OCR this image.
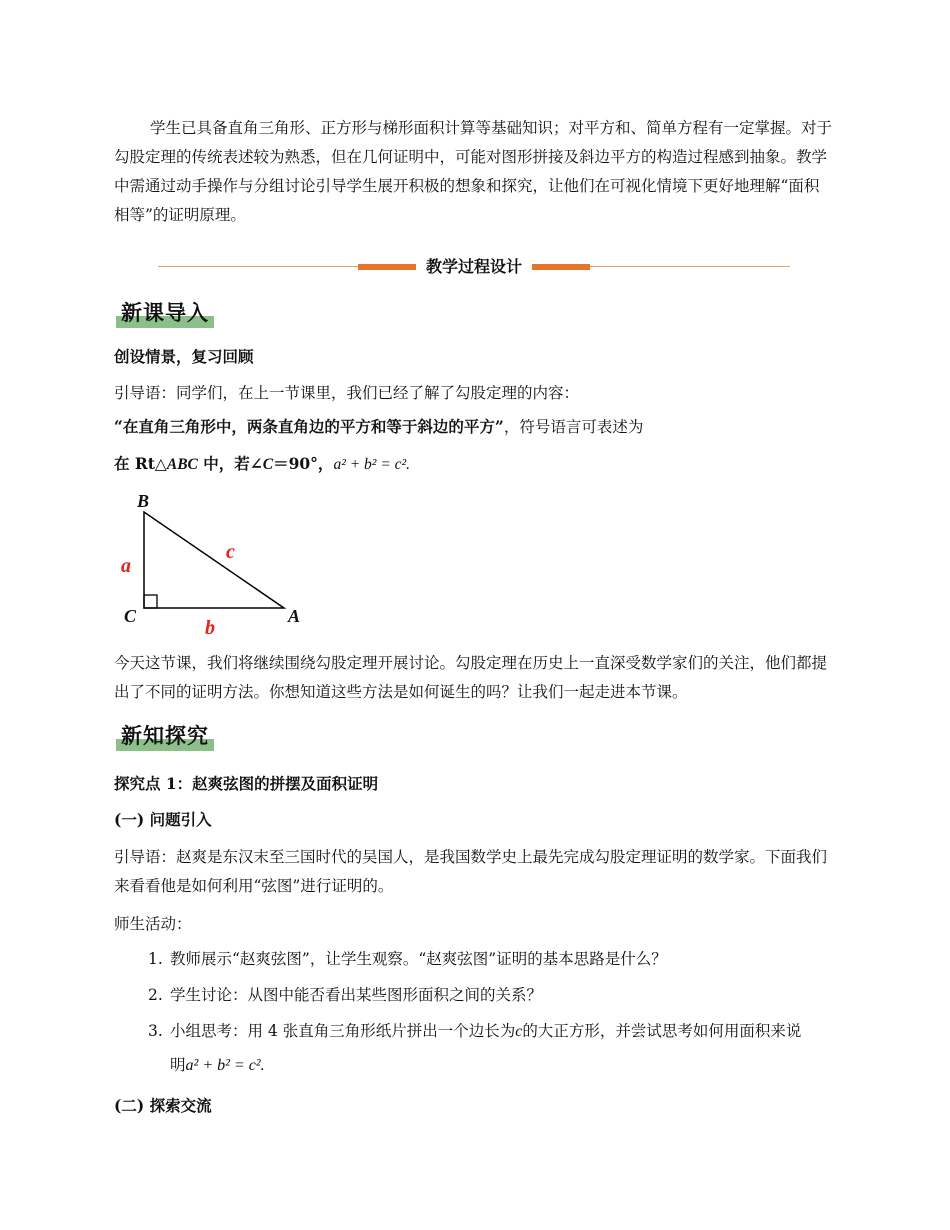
学生已具备直角三角形、正方形与梯形面积计算等基础知识；对平方和、简单方程有一定掌握。对于勾股定理的传统表述较为熟悉，但在几何证明中，可能对图形拼接及斜边平方的构造过程感到抽象。教学中需通过动手操作与分组讨论引导学生展开积极的想象和探究，让他们在可视化情境下更好地理解“面积相等”的证明原理。

教学过程设计
新课导入
创设情景，复习回顾
引导语：同学们，在上一节课里，我们已经了解了勾股定理的内容：
“在直角三角形中，两条直角边的平方和等于斜边的平方”，符号语言可表述为
在 Rt△ABC 中，若∠C＝90°，a² + b² = c².
B
C	A
a
b
c

今天这节课，我们将继续围绕勾股定理开展讨论。勾股定理在历史上一直深受数学家们的关注，他们都提出了不同的证明方法。你想知道这些方法是如何诞生的吗？让我们一起走进本节课。

新知探究
探究点 1：赵爽弦图的拼摆及面积证明
(一) 问题引入

引导语：赵爽是东汉末至三国时代的吴国人，是我国数学史上最先完成勾股定理证明的数学家。下面我们来看看他是如何利用“弦图”进行证明的。

师生活动：
1. 教师展示“赵爽弦图”，让学生观察。“赵爽弦图”证明的基本思路是什么？
2. 学生讨论：从图中能否看出某些图形面积之间的关系？
3. 小组思考：用 4 张直角三角形纸片拼出一个边长为c的大正方形，并尝试思考如何用面积来说
明a² + b² = c².
(二) 探索交流
